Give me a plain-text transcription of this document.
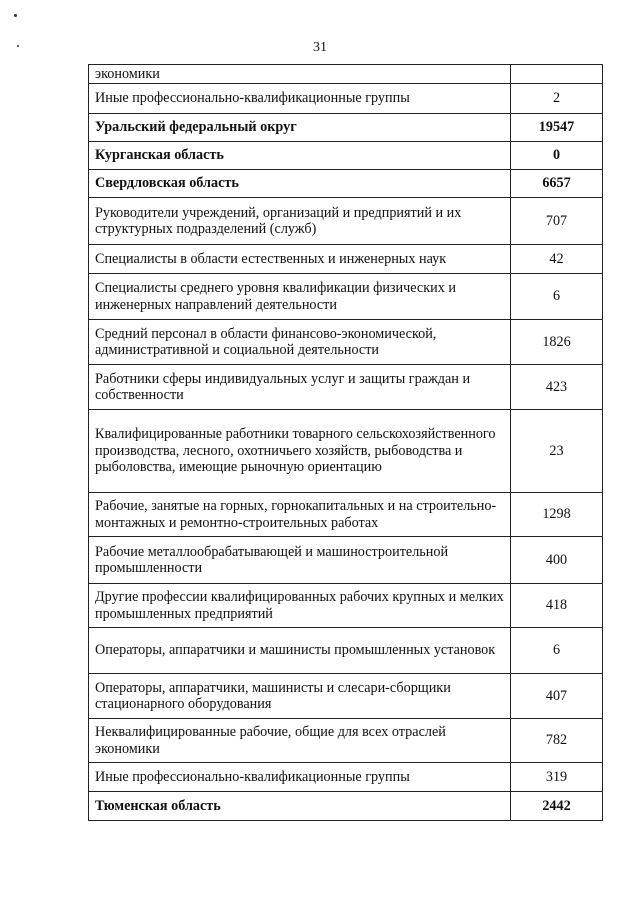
31
экономики	
Иные профессионально-квалификационные группы	2
Уральский федеральный округ	19547
Курганская область	0
Свердловская область	6657
Руководители учреждений, организаций и предприятий и их структурных подразделений (служб)	707
Специалисты в области естественных и инженерных наук	42
Специалисты среднего уровня квалификации физических и инженерных направлений деятельности	6
Средний персонал в области финансово-экономической, административной и социальной деятельности	1826
Работники сферы индивидуальных услуг и защиты граждан и собственности	423
Квалифицированные работники товарного сельскохозяйственного производства, лесного, охотничьего хозяйств, рыбоводства и рыболовства, имеющие рыночную ориентацию	23
Рабочие, занятые на горных, горнокапитальных и на строительно-монтажных и ремонтно-строительных работах	1298
Рабочие металлообрабатывающей и машиностроительной промышленности	400
Другие профессии квалифицированных рабочих крупных и мелких промышленных предприятий	418
Операторы, аппаратчики и машинисты промышленных установок	6
Операторы, аппаратчики, машинисты и слесари-сборщики стационарного оборудования	407
Неквалифицированные рабочие, общие для всех отраслей экономики	782
Иные профессионально-квалификационные группы	319
Тюменская область	2442
